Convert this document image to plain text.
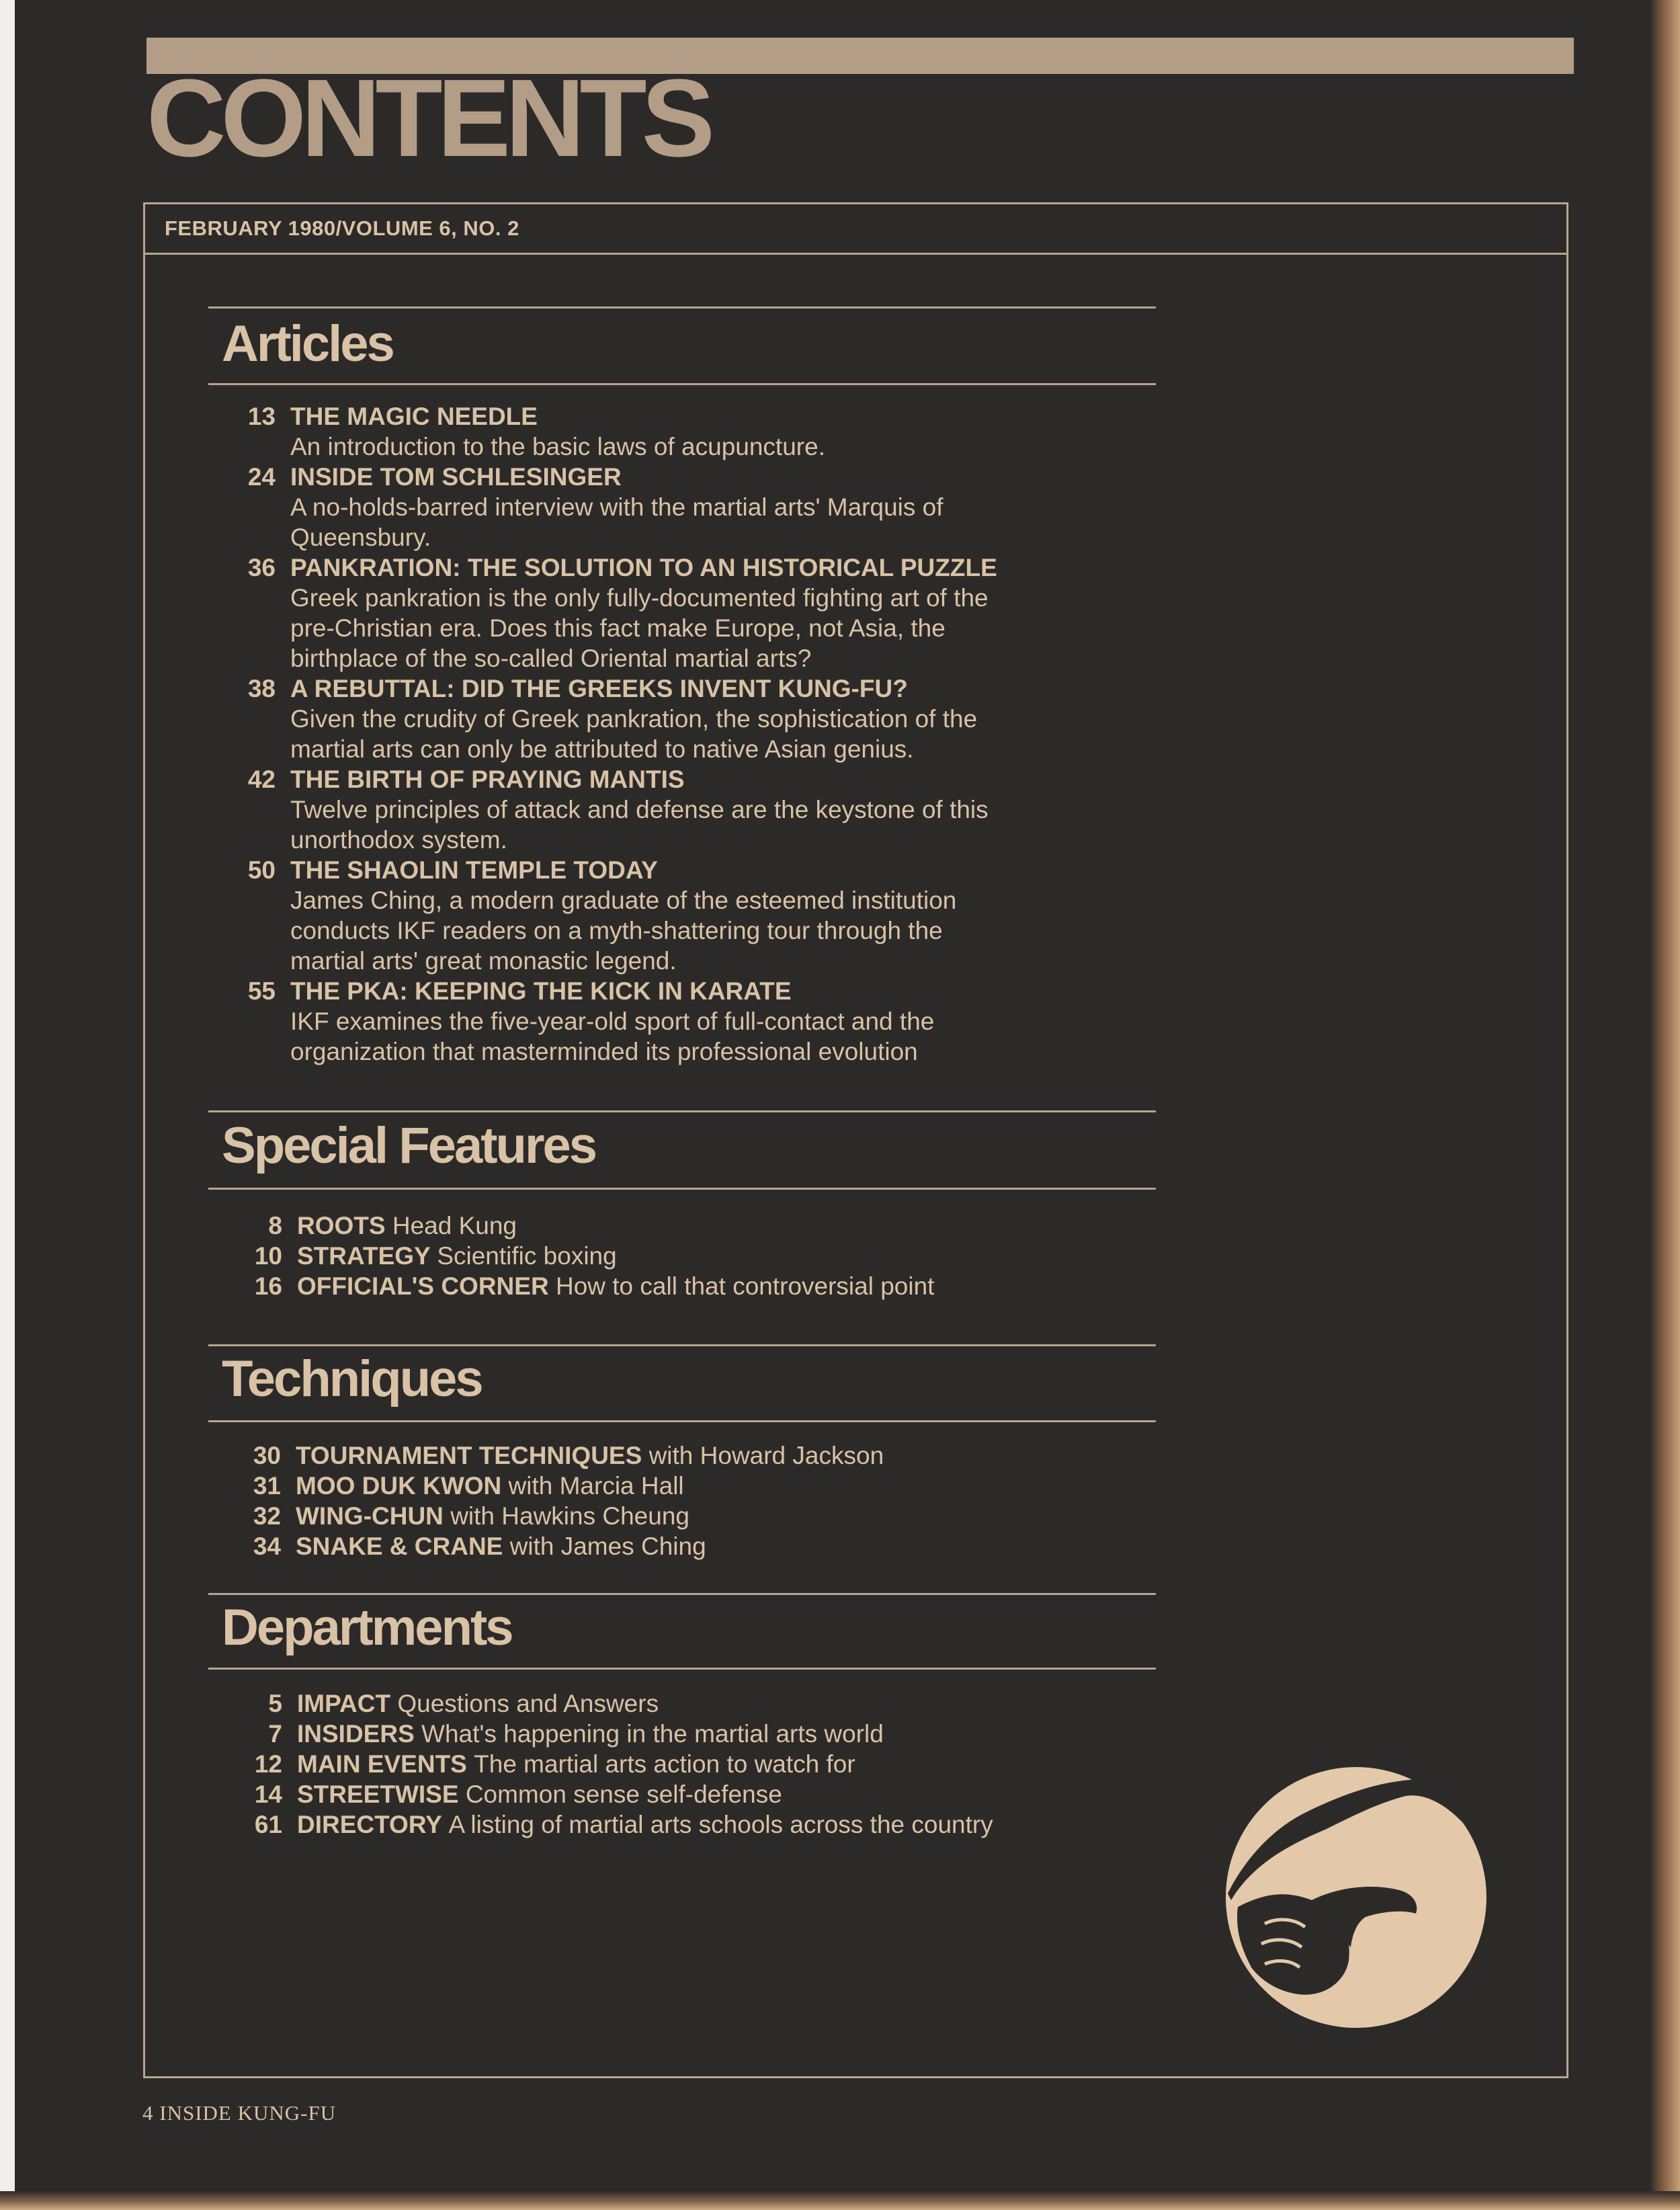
CONTENTS
FEBRUARY 1980/VOLUME 6, NO. 2
Articles
13 THE MAGIC NEEDLE
An introduction to the basic laws of acupuncture.
24 INSIDE TOM SCHLESINGER
A no-holds-barred interview with the martial arts' Marquis of
Queensbury.
36 PANKRATION: THE SOLUTION TO AN HISTORICAL PUZZLE
Greek pankration is the only fully-documented fighting art of the
pre-Christian era. Does this fact make Europe, not Asia, the
birthplace of the so-called Oriental martial arts?
38 A REBUTTAL: DID THE GREEKS INVENT KUNG-FU?
Given the crudity of Greek pankration, the sophistication of the
martial arts can only be attributed to native Asian genius.
42 THE BIRTH OF PRAYING MANTIS
Twelve principles of attack and defense are the keystone of this
unorthodox system.
50 THE SHAOLIN TEMPLE TODAY
James Ching, a modern graduate of the esteemed institution
conducts IKF readers on a myth-shattering tour through the
martial arts' great monastic legend.
55 THE PKA: KEEPING THE KICK IN KARATE
IKF examines the five-year-old sport of full-contact and the
organization that masterminded its professional evolution
Special Features
8 ROOTS Head Kung
10 STRATEGY Scientific boxing
16 OFFICIAL'S CORNER How to call that controversial point
Techniques
30 TOURNAMENT TECHNIQUES with Howard Jackson
31 MOO DUK KWON with Marcia Hall
32 WING-CHUN with Hawkins Cheung
34 SNAKE & CRANE with James Ching
Departments
5 IMPACT Questions and Answers
7 INSIDERS What's happening in the martial arts world
12 MAIN EVENTS The martial arts action to watch for
14 STREETWISE Common sense self-defense
61 DIRECTORY A listing of martial arts schools across the country
4 INSIDE KUNG-FU
